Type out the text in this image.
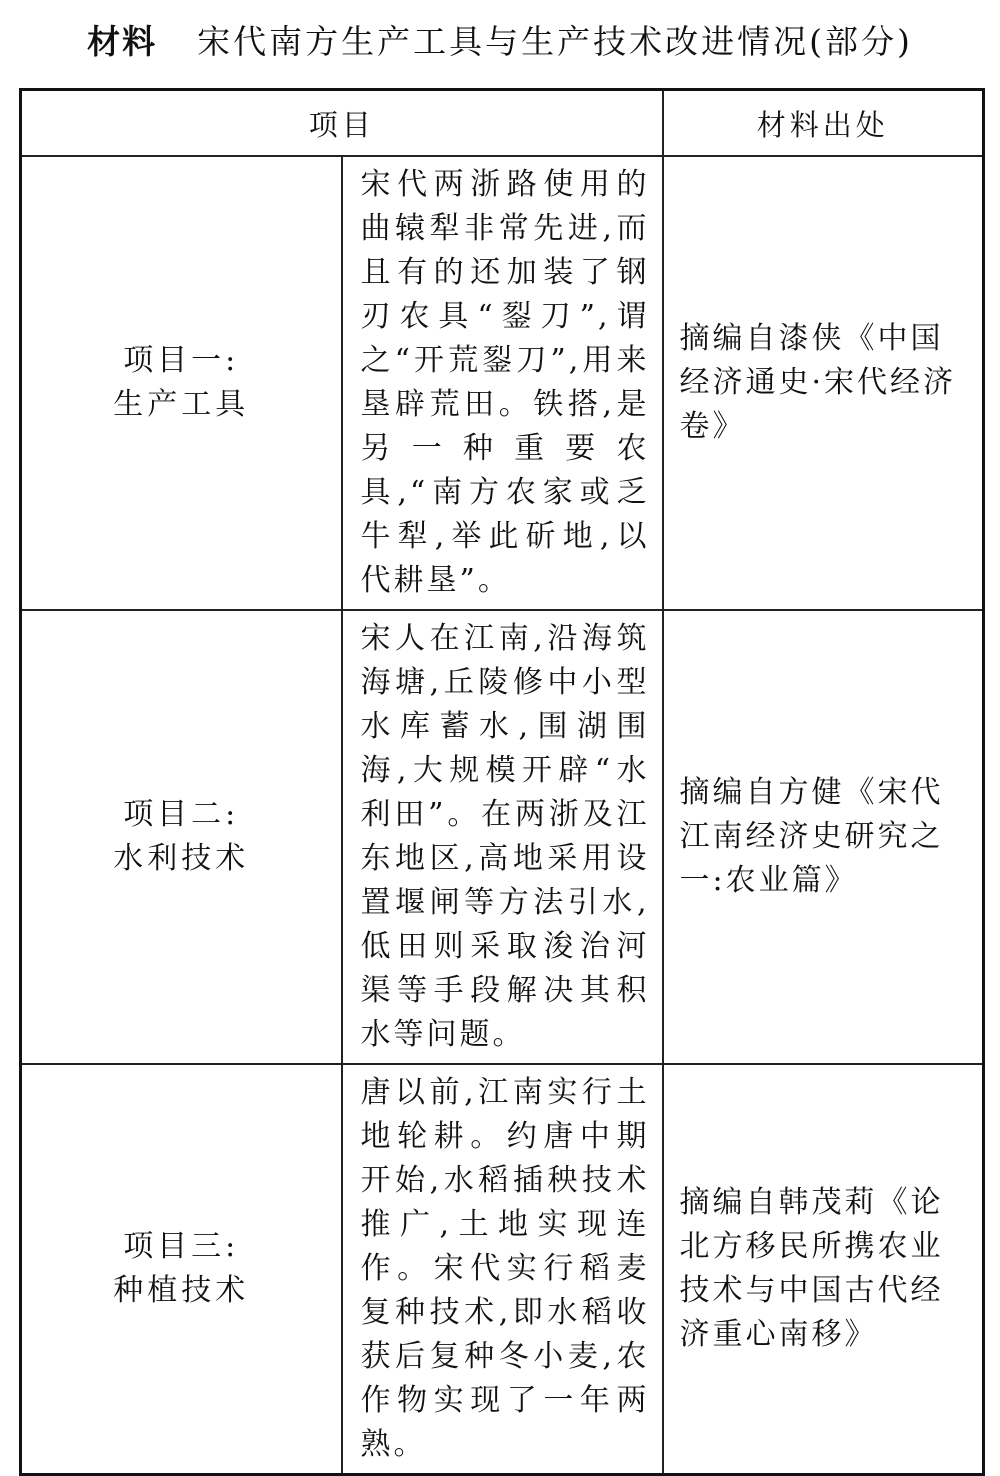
材料 宋代南方生产工具与生产技术改进情况(部分)
项目		材料出处

项目一:
生产工具	宋代两浙路使用的曲辕犁非常先进,而且有的还加装了钢刃农具“銐刀”,谓之“开荒銐刀”,用来垦辟荒田。铁搭,是另一种重要农具,“南方农家或乏牛犁,举此斫地,以代耕垦”。	摘编自漆侠《中国经济通史·宋代经济卷》

项目二:
水利技术	宋人在江南,沿海筑海塘,丘陵修中小型水库蓄水,围湖围海,大规模开辟“水利田”。在两浙及江东地区,高地采用设置堰闸等方法引水,低田则采取浚治河渠等手段解决其积水等问题。	摘编自方健《宋代江南经济史研究之一:农业篇》

项目三:
种植技术	唐以前,江南实行土地轮耕。约唐中期开始,水稻插秧技术推广,土地实现连作。宋代实行稻麦复种技术,即水稻收获后复种冬小麦,农作物实现了一年两熟。	摘编自韩茂莉《论北方移民所携农业技术与中国古代经济重心南移》
